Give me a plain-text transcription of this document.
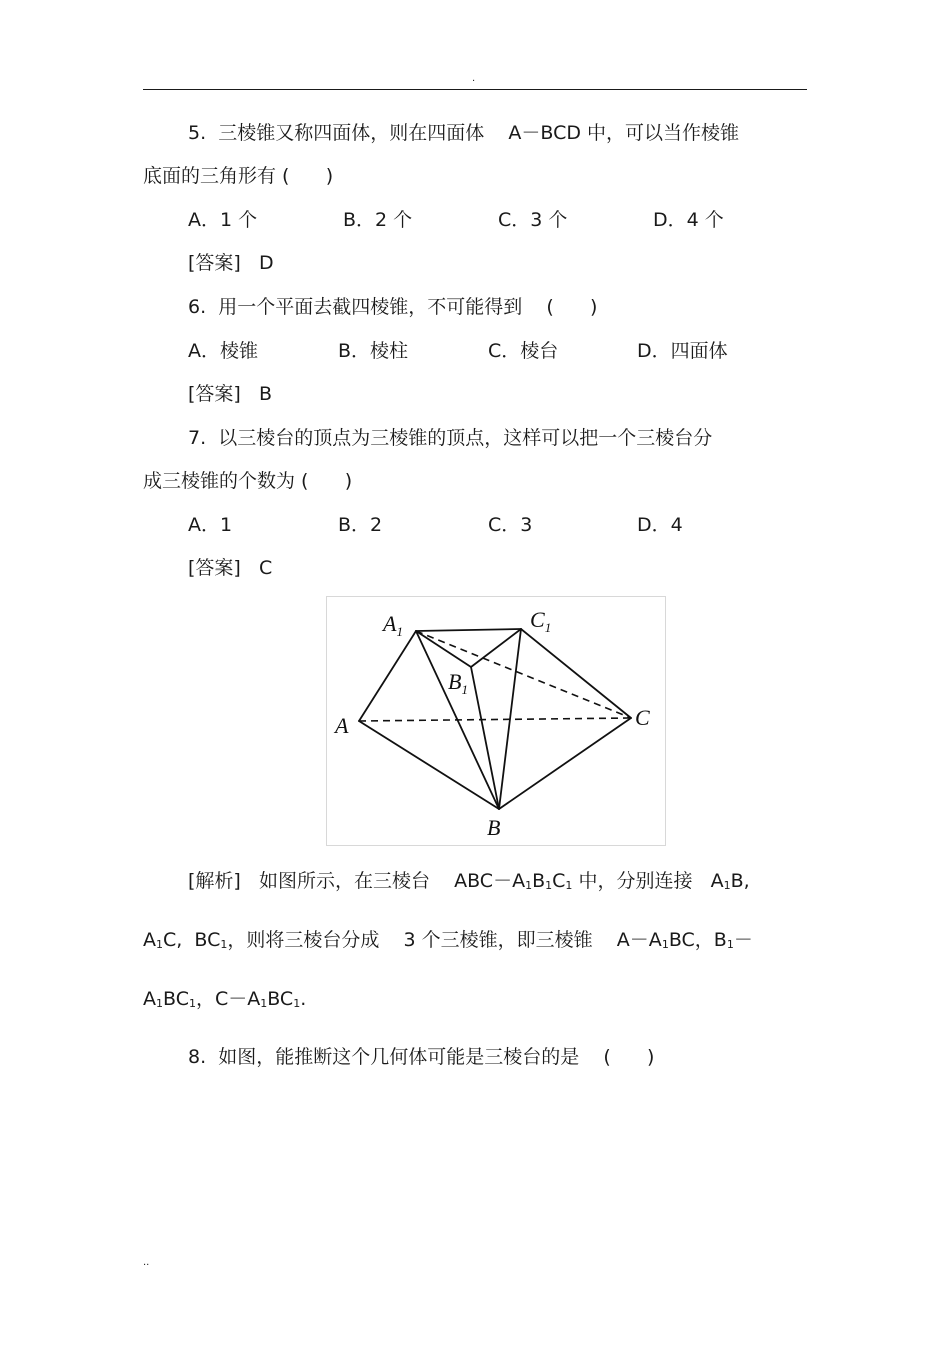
.
5.  三棱锥又称四面体，则在四面体    A－BCD 中，可以当作棱锥
底面的三角形有 (      )
A．1 个	B．2 个	C．3 个	D．4 个
[答案]   D
6.  用一个平面去截四棱锥，不可能得到    (      )
A．棱锥	B．棱柱	C．棱台	D．四面体
[答案]   B
7.  以三棱台的顶点为三棱锥的顶点，这样可以把一个三棱台分
成三棱锥的个数为 (      )
A．1	B．2	C．3	D．4
[答案]   C
$A_1$	$C_1$
$B_1$
A	C
B
[解析] 如图所示，在三棱台    ABC－A1B1C1 中，分别连接   A1B,
A1C,  BC1，则将三棱台分成    3 个三棱锥，即三棱锥    A－A1BC，B1－
A1BC1，C－A1BC1.
8.  如图，能推断这个几何体可能是三棱台的是    (      )
..
